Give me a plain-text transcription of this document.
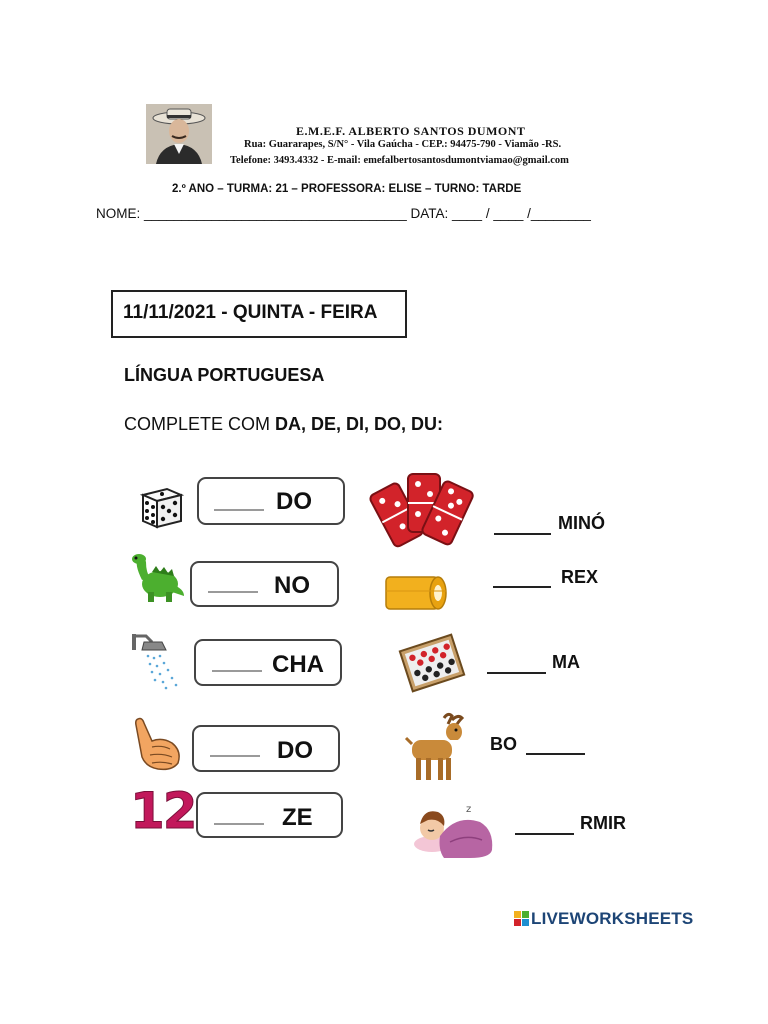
E.M.E.F. ALBERTO SANTOS DUMONT
Rua: Guararapes, S/N° - Vila Gaúcha - CEP.: 94475-790 - Viamão -RS.
Telefone: 3493.4332 - E-mail: emefalbertosantosdumontviamao@gmail.com
2.º ANO – TURMA: 21 – PROFESSORA: ELISE – TURNO: TARDE
NOME: ___________________________________ DATA: ____ / ____ /________
11/11/2021 - QUINTA - FEIRA
LÍNGUA PORTUGUESA
COMPLETE COM DA, DE, DI, DO, DU:
DO
NO
CHA
DO
12	ZE
MINÓ
REX
MA
BO
z
RMIR
LIVEWORKSHEETS
